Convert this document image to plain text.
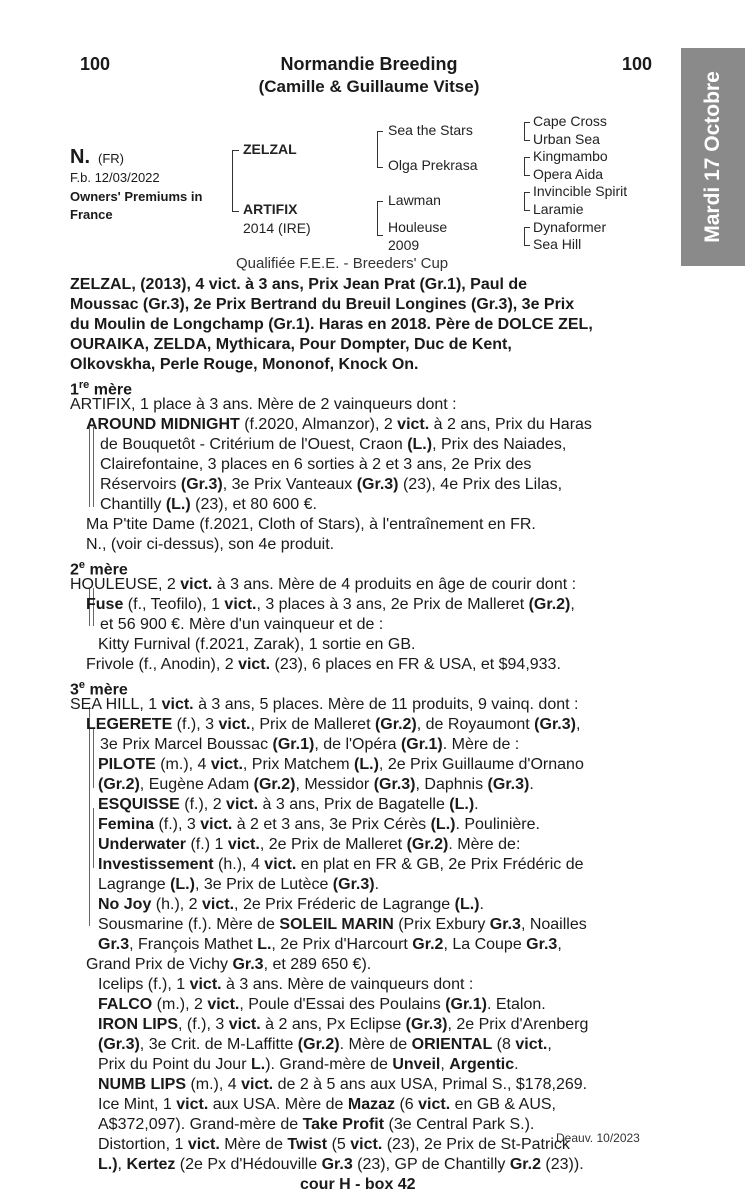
100	100
Normandie Breeding
(Camille & Guillaume Vitse)	Mardi 17 Octobre
N. (FR)
F.b. 12/03/2022
Owners' Premiums in France
ZELZAL
ARTIFIX
2014 (IRE)
Sea the Stars
Olga Prekrasa
Lawman
Houleuse
2009
Cape Cross
Urban Sea
Kingmambo
Opera Aida
Invincible Spirit
Laramie
Dynaformer
Sea Hill
Qualifiée F.E.E. - Breeders' Cup
ZELZAL, (2013), 4 vict. à 3 ans, Prix Jean Prat (Gr.1), Paul de
Moussac (Gr.3), 2e Prix Bertrand du Breuil Longines (Gr.3), 3e Prix
du Moulin de Longchamp (Gr.1). Haras en 2018. Père de DOLCE ZEL,
OURAIKA, ZELDA, Mythicara, Pour Dompter, Duc de Kent,
Olkovskha, Perle Rouge, Mononof, Knock On.
1re mère
ARTIFIX, 1 place à 3 ans. Mère de 2 vainqueurs dont :
AROUND MIDNIGHT (f.2020, Almanzor), 2 vict. à 2 ans, Prix du Haras
de Bouquetôt - Critérium de l'Ouest, Craon (L.), Prix des Naiades,
Clairefontaine, 3 places en 6 sorties à 2 et 3 ans, 2e Prix des
Réservoirs (Gr.3), 3e Prix Vanteaux (Gr.3) (23), 4e Prix des Lilas,
Chantilly (L.) (23), et 80 600 €.
Ma P'tite Dame (f.2021, Cloth of Stars), à l'entraînement en FR.
N., (voir ci-dessus), son 4e produit.
2e mère
HOULEUSE, 2 vict. à 3 ans. Mère de 4 produits en âge de courir dont :
Fuse (f., Teofilo), 1 vict., 3 places à 3 ans, 2e Prix de Malleret (Gr.2),
et 56 900 €. Mère d'un vainqueur et de :
Kitty Furnival (f.2021, Zarak), 1 sortie en GB.
Frivole (f., Anodin), 2 vict. (23), 6 places en FR & USA, et $94,933.
3e mère
SEA HILL, 1 vict. à 3 ans, 5 places. Mère de 11 produits, 9 vainq. dont :
LEGERETE (f.), 3 vict., Prix de Malleret (Gr.2), de Royaumont (Gr.3),
3e Prix Marcel Boussac (Gr.1), de l'Opéra (Gr.1). Mère de :
PILOTE (m.), 4 vict., Prix Matchem (L.), 2e Prix Guillaume d'Ornano
(Gr.2), Eugène Adam (Gr.2), Messidor (Gr.3), Daphnis (Gr.3).
ESQUISSE (f.), 2 vict. à 3 ans, Prix de Bagatelle (L.).
Femina (f.), 3 vict. à 2 et 3 ans, 3e Prix Cérès (L.). Poulinière.
Underwater (f.) 1 vict., 2e Prix de Malleret (Gr.2). Mère de:
Investissement (h.), 4 vict. en plat en FR & GB, 2e Prix Frédéric de
Lagrange (L.), 3e Prix de Lutèce (Gr.3).
No Joy (h.), 2 vict., 2e Prix Fréderic de Lagrange (L.).
Sousmarine (f.). Mère de SOLEIL MARIN (Prix Exbury Gr.3, Noailles
Gr.3, François Mathet L., 2e Prix d'Harcourt Gr.2, La Coupe Gr.3,
Grand Prix de Vichy Gr.3, et 289 650 €).
Icelips (f.), 1 vict. à 3 ans. Mère de vainqueurs dont :
FALCO (m.), 2 vict., Poule d'Essai des Poulains (Gr.1). Etalon.
IRON LIPS, (f.), 3 vict. à 2 ans, Px Eclipse (Gr.3), 2e Prix d'Arenberg
(Gr.3), 3e Crit. de M-Laffitte (Gr.2). Mère de ORIENTAL (8 vict.,
Prix du Point du Jour L.). Grand-mère de Unveil, Argentic.
NUMB LIPS (m.), 4 vict. de 2 à 5 ans aux USA, Primal S., $178,269.
Ice Mint, 1 vict. aux USA. Mère de Mazaz (6 vict. en GB & AUS,
A$372,097). Grand-mère de Take Profit (3e Central Park S.).
Distortion, 1 vict. Mère de Twist (5 vict. (23), 2e Prix de St-Patrick
L.), Kertez (2e Px d'Hédouville Gr.3 (23), GP de Chantilly Gr.2 (23)).
cour H - box 42
Deauv. 10/2023
